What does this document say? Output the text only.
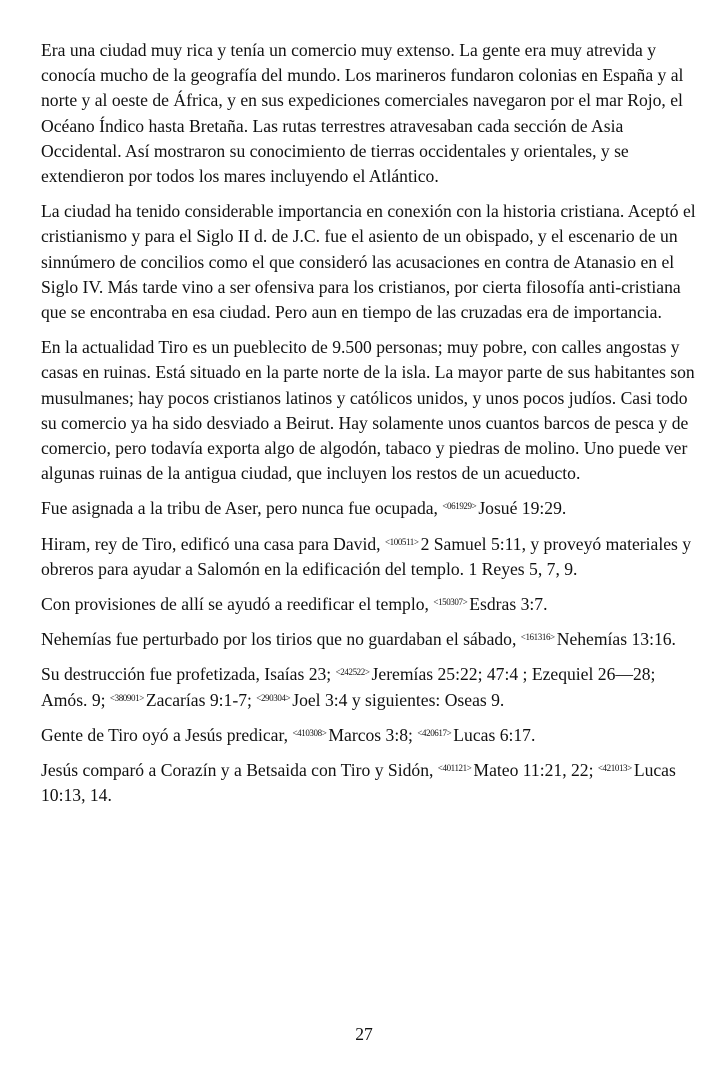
Era una ciudad muy rica y tenía un comercio muy extenso. La gente era muy atrevida y conocía mucho de la geografía del mundo. Los marineros fundaron colonias en España y al norte y al oeste de África, y en sus expediciones comerciales navegaron por el mar Rojo, el Océano Índico hasta Bretaña. Las rutas terrestres atravesaban cada sección de Asia Occidental. Así mostraron su conocimiento de tierras occidentales y orientales, y se extendieron por todos los mares incluyendo el Atlántico.

La ciudad ha tenido considerable importancia en conexión con la historia cristiana. Aceptó el cristianismo y para el Siglo II d. de J.C. fue el asiento de un obispado, y el escenario de un sinnúmero de concilios como el que consideró las acusaciones en contra de Atanasio en el Siglo IV. Más tarde vino a ser ofensiva para los cristianos, por cierta filosofía anti-cristiana que se encontraba en esa ciudad. Pero aun en tiempo de las cruzadas era de importancia.

En la actualidad Tiro es un pueblecito de 9.500 personas; muy pobre, con calles angostas y casas en ruinas. Está situado en la parte norte de la isla. La mayor parte de sus habitantes son musulmanes; hay pocos cristianos latinos y católicos unidos, y unos pocos judíos. Casi todo su comercio ya ha sido desviado a Beirut. Hay solamente unos cuantos barcos de pesca y de comercio, pero todavía exporta algo de algodón, tabaco y piedras de molino. Uno puede ver algunas ruinas de la antigua ciudad, que incluyen los restos de un acueducto.

Fue asignada a la tribu de Aser, pero nunca fue ocupada, $^{<061929>}$ Josué 19:29.

Hiram, rey de Tiro, edificó una casa para David, $^{<100511>}$ 2 Samuel 5:11, y proveyó materiales y obreros para ayudar a Salomón en la edificación del templo. 1 Reyes 5, 7, 9.

Con provisiones de allí se ayudó a reedificar el templo, $^{<150307>}$ Esdras 3:7.

Nehemías fue perturbado por los tirios que no guardaban el sábado, $^{<161316>}$ Nehemías 13:16.

Su destrucción fue profetizada, Isaías 23; $^{<242522>}$ Jeremías 25:22; 47:4 ; Ezequiel 26—28; Amós. 9; $^{<380901>}$ Zacarías 9:1-7; $^{<290304>}$ Joel 3:4 y siguientes: Oseas 9.

Gente de Tiro oyó a Jesús predicar, $^{<410308>}$ Marcos 3:8; $^{<420617>}$ Lucas 6:17.

Jesús comparó a Corazín y a Betsaida con Tiro y Sidón, $^{<401121>}$ Mateo 11:21, 22; $^{<421013>}$ Lucas 10:13, 14.

27
